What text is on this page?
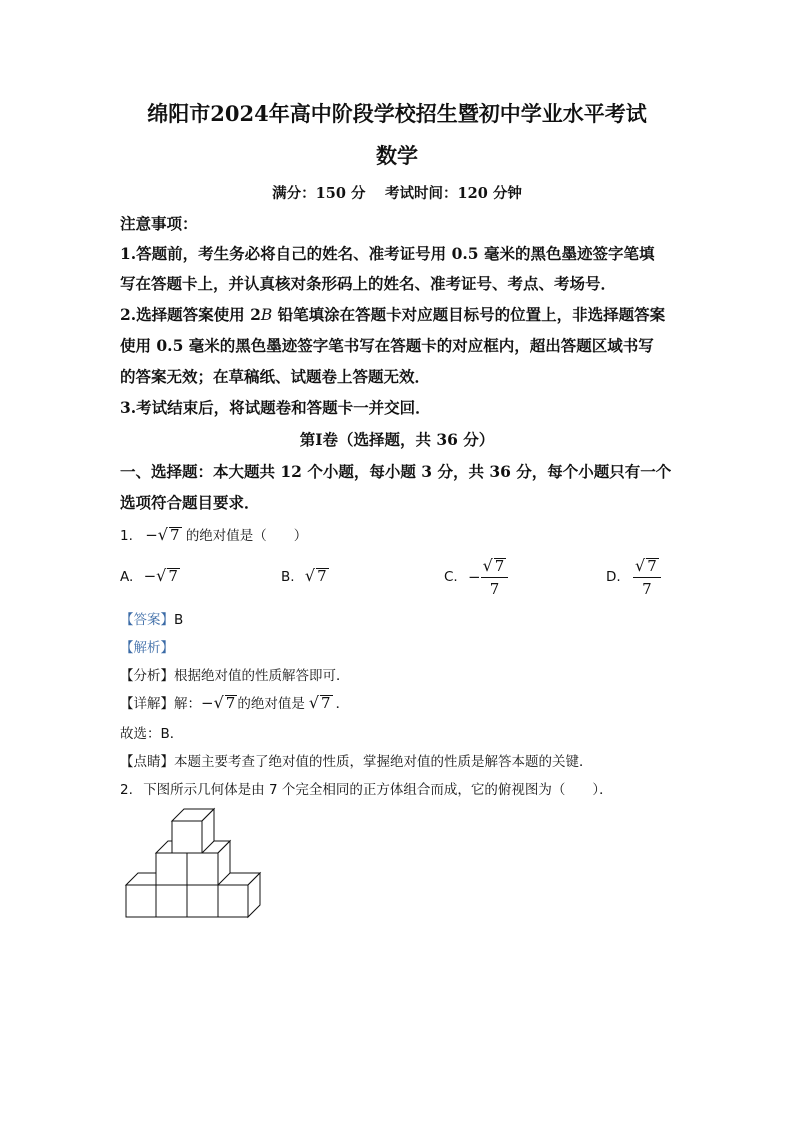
绵阳市2024年高中阶段学校招生暨初中学业水平考试
数学
满分：150 分　 考试时间：120 分钟
注意事项：
1.答题前，考生务必将自己的姓名、准考证号用 0.5 毫米的黑色墨迹签字笔填
写在答题卡上，并认真核对条形码上的姓名、准考证号、考点、考场号．
2.选择题答案使用 2B 铅笔填涂在答题卡对应题目标号的位置上，非选择题答案
使用 0.5 毫米的黑色墨迹签字笔书写在答题卡的对应框内，超出答题区域书写
的答案无效；在草稿纸、试题卷上答题无效．
3.考试结束后，将试题卷和答题卡一并交回．
第Ⅰ卷（选择题，共 36 分）
一、选择题：本大题共 12 个小题，每小题 3 分，共 36 分，每个小题只有一个
选项符合题目要求．
1. −√ 7 的绝对值是（　　）
A. −√ 7	B. √ 7	C. − $\frac{√ 7}{7}$	D. $\frac{√ 7}{7}$
【答案】B
【解析】
【分析】根据绝对值的性质解答即可．
【详解】解：−√ 7 的绝对值是 √ 7 ．
故选：B．
【点睛】本题主要考查了绝对值的性质，掌握绝对值的性质是解答本题的关键．
2. 下图所示几何体是由 7 个完全相同的正方体组合而成，它的俯视图为（　　）．
